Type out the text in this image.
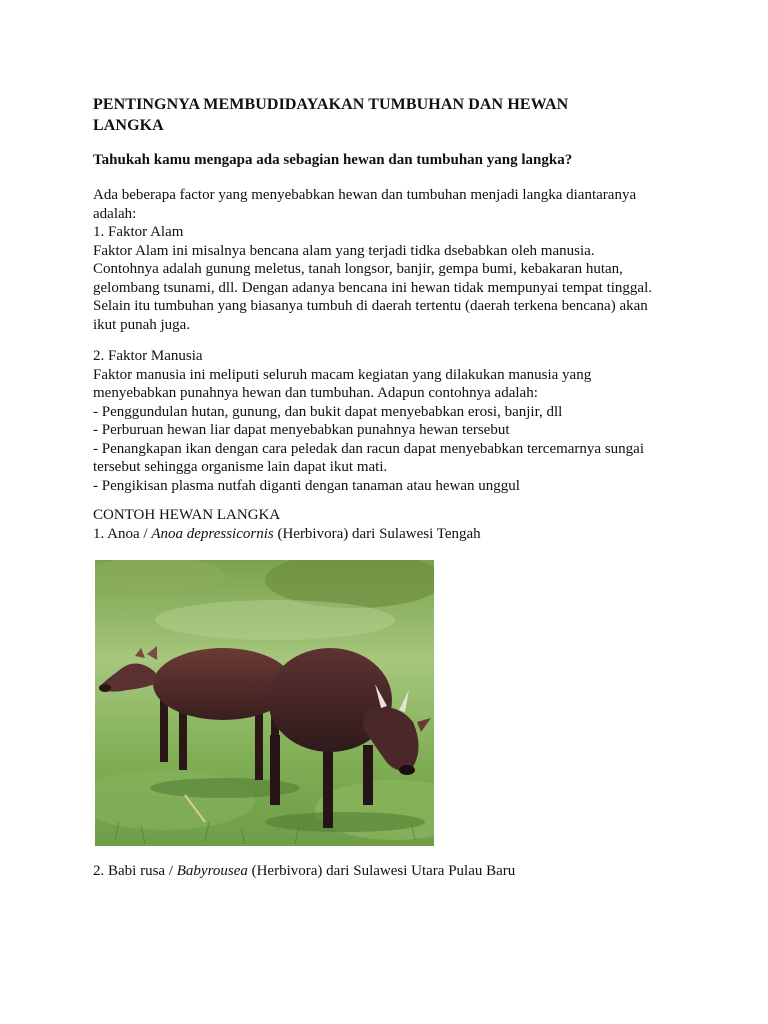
PENTINGNYA MEMBUDIDAYAKAN TUMBUHAN DAN HEWAN
LANGKA

Tahukah kamu mengapa ada sebagian hewan dan tumbuhan yang langka?

Ada beberapa factor yang menyebabkan hewan dan tumbuhan menjadi langka diantaranya
adalah:
1. Faktor Alam
Faktor Alam ini misalnya bencana alam yang terjadi tidka dsebabkan oleh manusia.
Contohnya adalah gunung meletus, tanah longsor, banjir, gempa bumi, kebakaran hutan,
gelombang tsunami, dll. Dengan adanya bencana ini hewan tidak mempunyai tempat tinggal.
Selain itu tumbuhan yang biasanya tumbuh di daerah tertentu (daerah terkena bencana) akan
ikut punah juga.
2. Faktor Manusia
Faktor manusia ini meliputi seluruh macam kegiatan yang dilakukan manusia yang
menyebabkan punahnya hewan dan tumbuhan. Adapun contohnya adalah:
- Penggundulan hutan, gunung, dan bukit dapat menyebabkan erosi, banjir, dll
- Perburuan hewan liar dapat menyebabkan punahnya hewan tersebut
- Penangkapan ikan dengan cara peledak dan racun dapat menyebabkan tercemarnya sungai
tersebut sehingga organisme lain dapat ikut mati.
- Pengikisan plasma nutfah diganti dengan tanaman atau hewan unggul
CONTOH HEWAN LANGKA
1. Anoa / Anoa depressicornis (Herbivora) dari Sulawesi Tengah
2. Babi rusa / Babyrousea (Herbivora) dari Sulawesi Utara Pulau Baru
